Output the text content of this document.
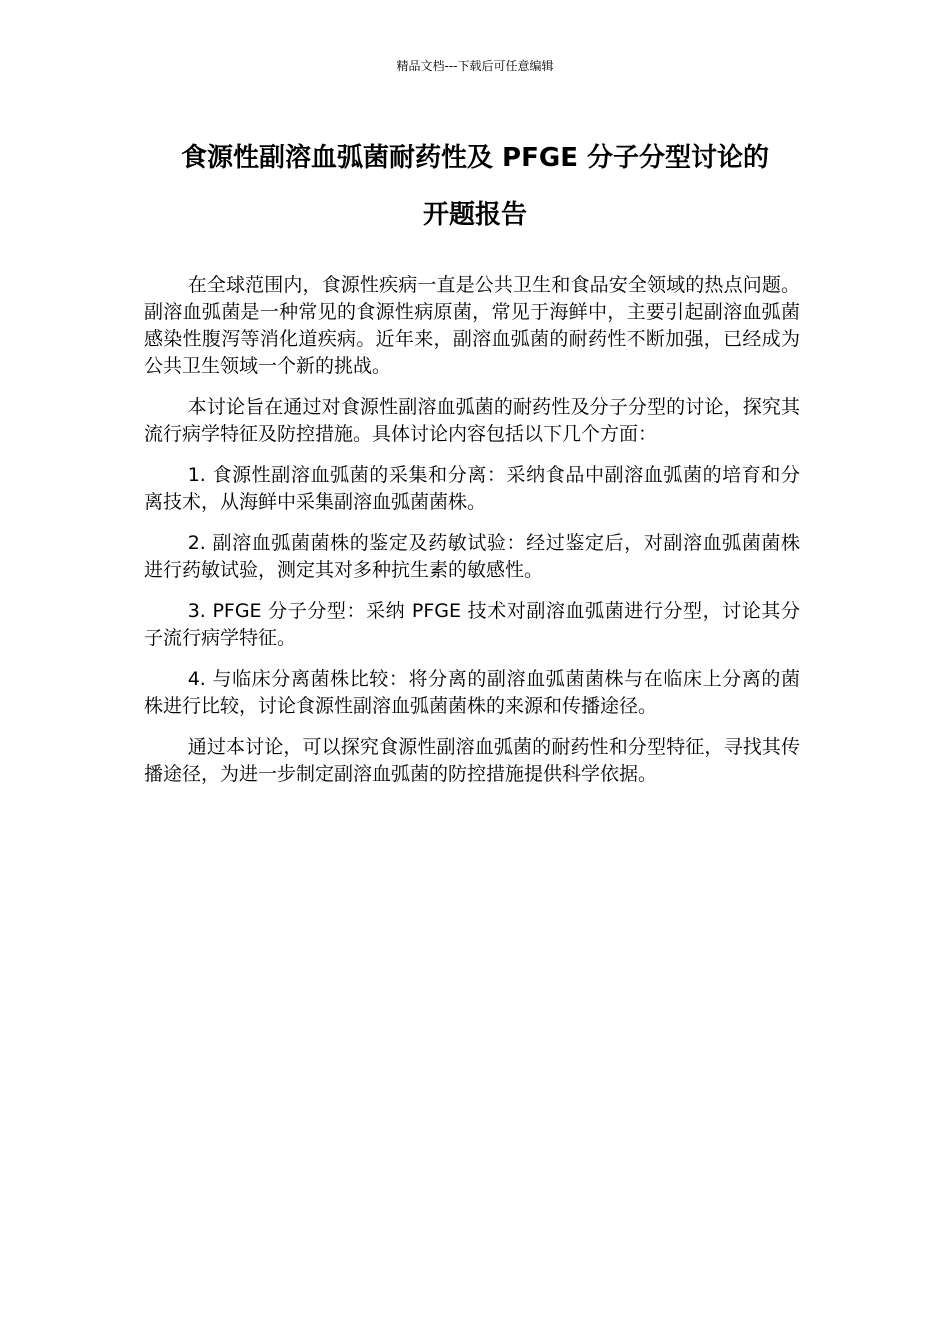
精品文档---下载后可任意编辑
食源性副溶血弧菌耐药性及 PFGE 分子分型讨论的
开题报告

在全球范围内，食源性疾病一直是公共卫生和食品安全领域的热点问题。副溶血弧菌是一种常见的食源性病原菌，常见于海鲜中，主要引起副溶血弧菌感染性腹泻等消化道疾病。近年来，副溶血弧菌的耐药性不断加强，已经成为公共卫生领域一个新的挑战。

本讨论旨在通过对食源性副溶血弧菌的耐药性及分子分型的讨论，探究其流行病学特征及防控措施。具体讨论内容包括以下几个方面：

1. 食源性副溶血弧菌的采集和分离：采纳食品中副溶血弧菌的培育和分离技术，从海鲜中采集副溶血弧菌菌株。

2. 副溶血弧菌菌株的鉴定及药敏试验：经过鉴定后，对副溶血弧菌菌株进行药敏试验，测定其对多种抗生素的敏感性。

3. PFGE 分子分型：采纳 PFGE 技术对副溶血弧菌进行分型，讨论其分子流行病学特征。

4. 与临床分离菌株比较：将分离的副溶血弧菌菌株与在临床上分离的菌株进行比较，讨论食源性副溶血弧菌菌株的来源和传播途径。

通过本讨论，可以探究食源性副溶血弧菌的耐药性和分型特征，寻找其传播途径，为进一步制定副溶血弧菌的防控措施提供科学依据。
